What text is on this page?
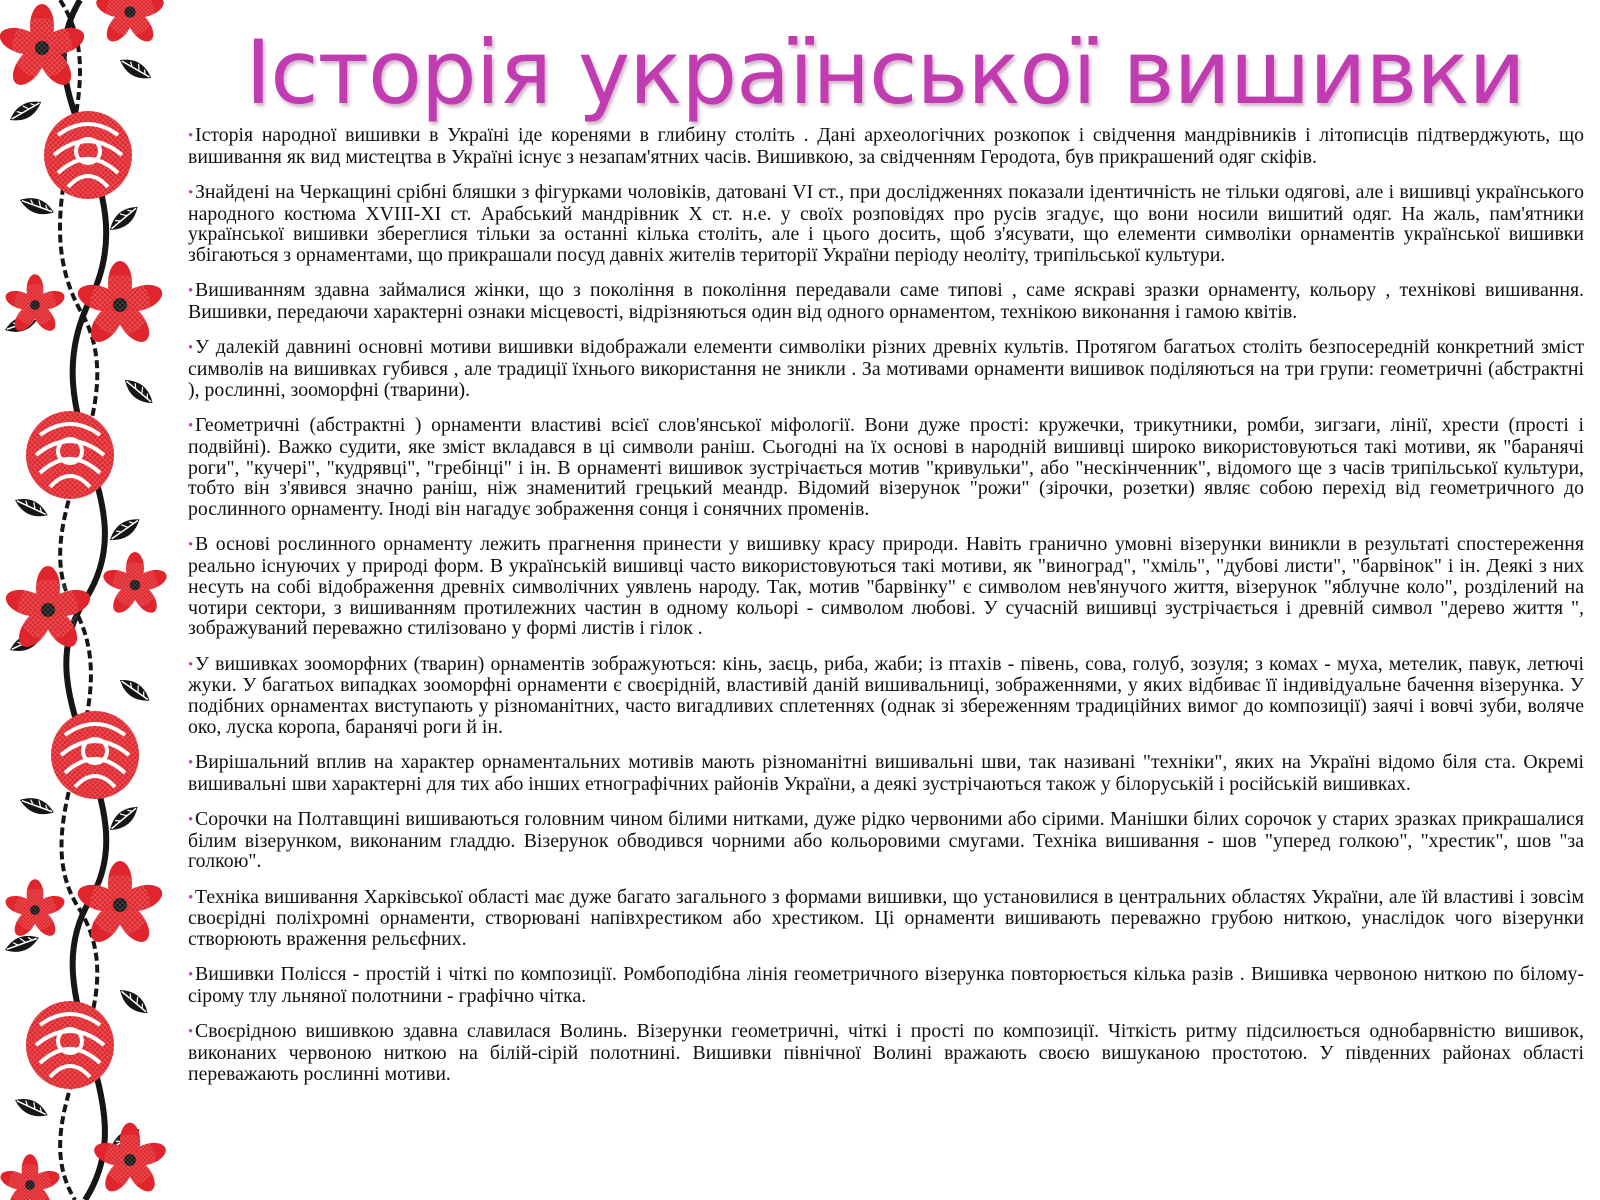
Історія української вишивки

•Історія народної вишивки в Україні іде коренями в глибину століть . Дані археологічних розкопок і свідчення мандрівників і літописців підтверджують, що вишивання як вид мистецтва в Україні існує з незапам'ятних часів. Вишивкою, за свідченням Геродота, був прикрашений одяг скіфів.

•Знайдені на Черкащині срібні бляшки з фігурками чоловіків, датовані VI ст., при дослідженнях показали ідентичність не тільки одягові, але і вишивці українського народного костюма XVIII-XI ст. Арабський мандрівник X ст. н.е. у своїх розповідях про русів згадує, що вони носили вишитий одяг. На жаль, пам'ятники української вишивки збереглися тільки за останні кілька століть, але і цього досить, щоб з'ясувати, що елементи символіки орнаментів української вишивки збігаються з орнаментами, що прикрашали посуд давніх жителів території України періоду неоліту, трипільської культури.

•Вишиванням здавна займалися жінки, що з покоління в покоління передавали саме типові , саме яскраві зразки орнаменту, кольору , технікові вишивання. Вишивки, передаючи характерні ознаки місцевості, відрізняються один від одного орнаментом, технікою виконання і гамою квітів.

•У далекій давнині основні мотиви вишивки відображали елементи символіки різних древніх культів. Протягом багатьох століть безпосередній конкретний зміст символів на вишивках губився , але традиції їхнього використання не зникли . За мотивами орнаменти вишивок поділяються на три групи: геометричні (абстрактні ), рослинні, зооморфні (тварини).

•Геометричні (абстрактні ) орнаменти властиві всієї слов'янської міфології. Вони дуже прості: кружечки, трикутники, ромби, зигзаги, лінії, хрести (прості і подвійні). Важко судити, яке зміст вкладався в ці символи раніш. Сьогодні на їх основі в народній вишивці широко використовуються такі мотиви, як "баранячі роги", "кучері", "кудрявці", "гребінці" і ін. В орнаменті вишивок зустрічається мотив "кривульки", або "нескінченник", відомого ще з часів трипільської культури, тобто він з'явився значно раніш, ніж знаменитий грецький меандр. Відомий візерунок "рожи" (зірочки, розетки) являє собою перехід від геометричного до рослинного орнаменту. Іноді він нагадує зображення сонця і сонячних променів.

•В основі рослинного орнаменту лежить прагнення принести у вишивку красу природи. Навіть гранично умовні візерунки виникли в результаті спостереження реально існуючих у природі форм. В українській вишивці часто використовуються такі мотиви, як "виноград", "хміль", "дубові листи", "барвінок" і ін. Деякі з них несуть на собі відображення древніх символічних уявлень народу. Так, мотив "барвінку" є символом нев'янучого життя, візерунок "яблучне коло", розділений на чотири сектори, з вишиванням протилежних частин в одному кольорі - символом любові. У сучасній вишивці зустрічається і древній символ "дерево життя ", зображуваний переважно стилізовано у формі листів і гілок .

•У вишивках зооморфних (тварин) орнаментів зображуються: кінь, заєць, риба, жаби; із птахів - півень, сова, голуб, зозуля; з комах - муха, метелик, павук, летючі жуки. У багатьох випадках зооморфні орнаменти є своєрідній, властивій даній вишивальниці, зображеннями, у яких відбиває її індивідуальне бачення візерунка. У подібних орнаментах виступають у різноманітних, часто вигадливих сплетеннях (однак зі збереженням традиційних вимог до композиції) заячі і вовчі зуби, воляче око, луска коропа, баранячі роги й ін.

•Вирішальний вплив на характер орнаментальних мотивів мають різноманітні вишивальні шви, так називані "техніки", яких на Україні відомо біля ста. Окремі вишивальні шви характерні для тих або інших етнографічних районів України, а деякі зустрічаються також у білоруській і російській вишивках.

•Сорочки на Полтавщині вишиваються головним чином білими нитками, дуже рідко червоними або сірими. Манішки білих сорочок у старих зразках прикрашалися білим візерунком, виконаним гладдю. Візерунок обводився чорними або кольоровими смугами. Техніка вишивання - шов "уперед голкою", "хрестик", шов "за голкою".

•Техніка вишивання Харківської області має дуже багато загального з формами вишивки, що установилися в центральних областях України, але їй властиві і зовсім своєрідні поліхромні орнаменти, створювані напівхрестиком або хрестиком. Ці орнаменти вишивають переважно грубою ниткою, унаслідок чого візерунки створюють враження рельєфних.

•Вишивки Полісся - простій і чіткі по композиції. Ромбоподібна лінія геометричного візерунка повторюється кілька разів . Вишивка червоною ниткою по білому-сірому тлу льняної полотнини - графічно чітка.

•Своєрідною вишивкою здавна славилася Волинь. Візерунки геометричні, чіткі і прості по композиції. Чіткість ритму підсилюється однобарвністю вишивок, виконаних червоною ниткою на білій-сірій полотнині. Вишивки північної Волині вражають своєю вишуканою простотою. У південних районах області переважають рослинні мотиви.
